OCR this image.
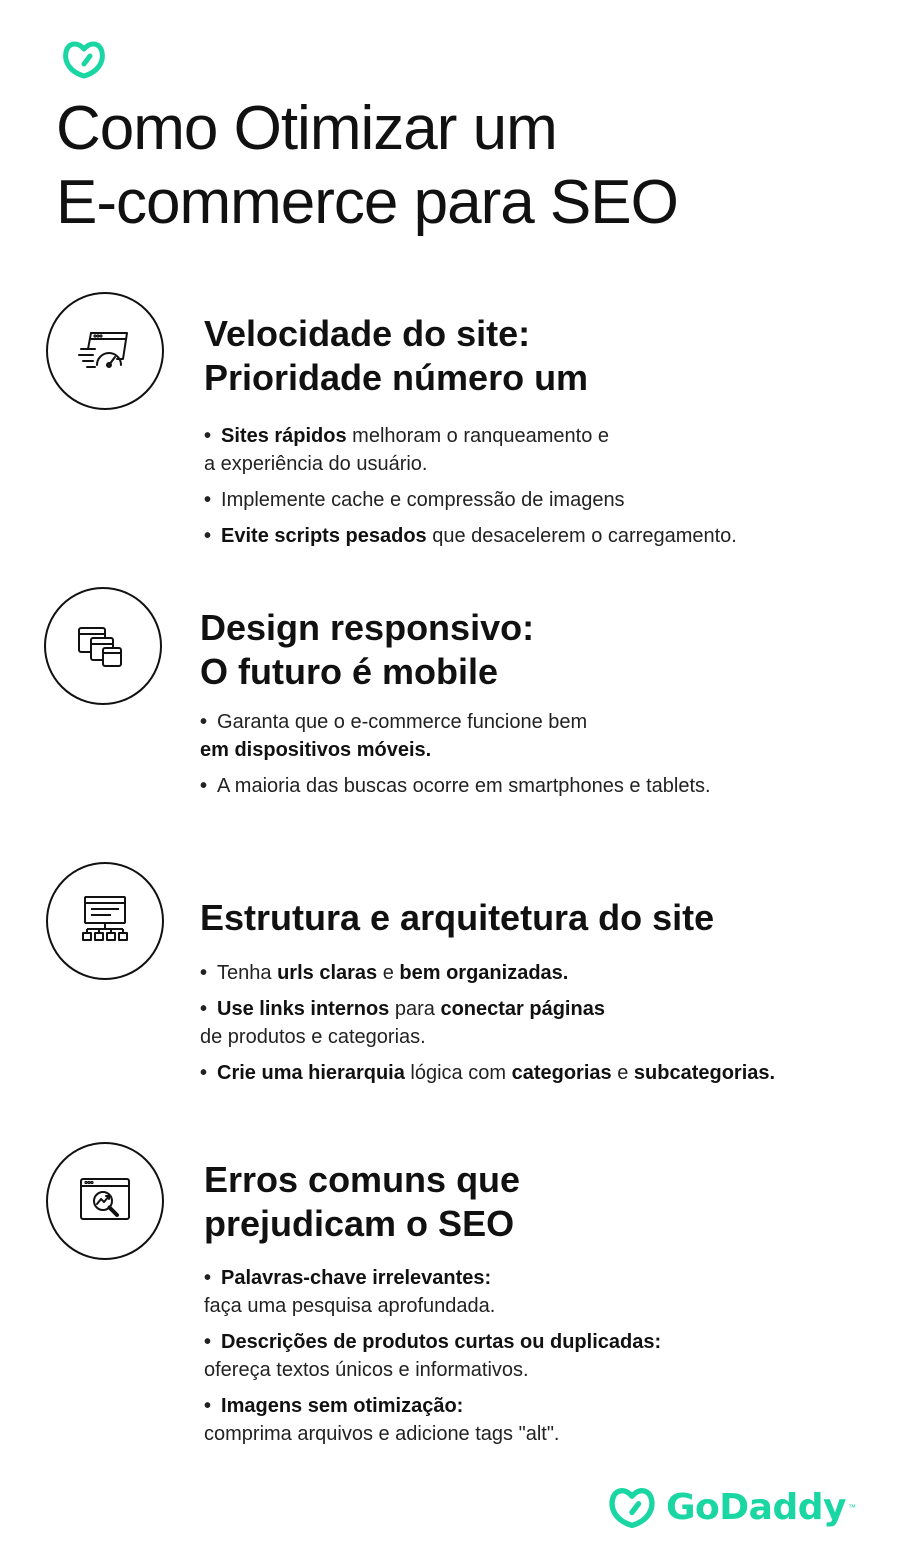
Como Otimizar um
E-commerce para SEO
Velocidade do site:
Prioridade número um
• Sites rápidos melhoram o ranqueamento e
a experiência do usuário.
• Implemente cache e compressão de imagens
• Evite scripts pesados que desacelerem o carregamento.
Design responsivo:
O futuro é mobile
• Garanta que o e-commerce funcione bem
em dispositivos móveis.
• A maioria das buscas ocorre em smartphones e tablets.
Estrutura e arquitetura do site
• Tenha urls claras e bem organizadas.
• Use links internos para conectar páginas
de produtos e categorias.
• Crie uma hierarquia lógica com categorias e subcategorias.
Erros comuns que
prejudicam o SEO
• Palavras-chave irrelevantes:
faça uma pesquisa aprofundada.
• Descrições de produtos curtas ou duplicadas:
ofereça textos únicos e informativos.
• Imagens sem otimização:
comprima arquivos e adicione tags "alt".
GoDaddy ™
